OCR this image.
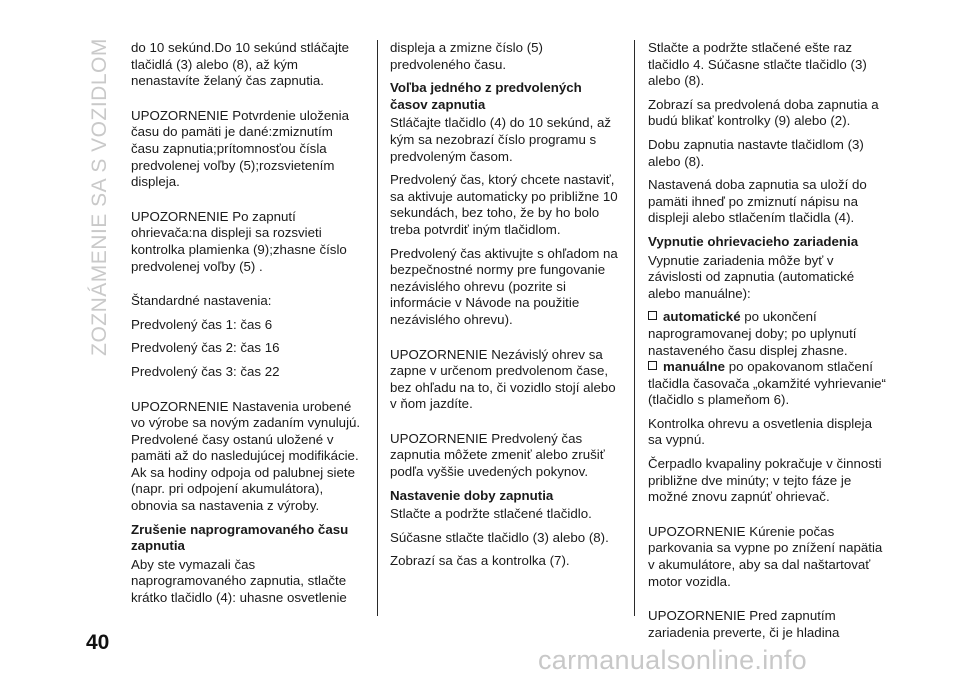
ZOZNÁMENIE SA S VOZIDLOM do 10 sekúnd.Do 10 sekúnd stláčajte tlačidlá (3) alebo (8), až kým nenastavíte želaný čas zapnutia.

UPOZORNENIE Potvrdenie uloženia času do pamäti je dané:zmiznutím času zapnutia;prítomnosťou čísla predvolenej voľby (5);rozsvietením displeja.

UPOZORNENIE Po zapnutí ohrievača:na displeji sa rozsvieti kontrolka plamienka (9);zhasne číslo predvolenej voľby (5) .

Štandardné nastavenia:

Predvolený čas 1: čas 6

Predvolený čas 2: čas 16

Predvolený čas 3: čas 22

UPOZORNENIE Nastavenia urobené vo výrobe sa novým zadaním vynulujú. Predvolené časy ostanú uložené v pamäti až do nasledujúcej modifikácie. Ak sa hodiny odpoja od palubnej siete (napr. pri odpojení akumulátora), obnovia sa nastavenia z výroby.

Zrušenie naprogramovaného času zapnutia

Aby ste vymazali čas naprogramovaného zapnutia, stlačte krátko tlačidlo (4): uhasne osvetlenie

displeja a zmizne číslo (5) predvoleného času.

Voľba jedného z predvolených časov zapnutia

Stláčajte tlačidlo (4) do 10 sekúnd, až kým sa nezobrazí číslo programu s predvoleným časom.

Predvolený čas, ktorý chcete nastaviť, sa aktivuje automaticky po približne 10 sekundách, bez toho, že by ho bolo treba potvrdiť iným tlačidlom.

Predvolený čas aktivujte s ohľadom na bezpečnostné normy pre fungovanie nezávislého ohrevu (pozrite si informácie v Návode na použitie nezávislého ohrevu).

UPOZORNENIE Nezávislý ohrev sa zapne v určenom predvolenom čase, bez ohľadu na to, či vozidlo stojí alebo v ňom jazdíte.

UPOZORNENIE Predvolený čas zapnutia môžete zmeniť alebo zrušiť podľa vyššie uvedených pokynov.

Nastavenie doby zapnutia

Stlačte a podržte stlačené tlačidlo.

Súčasne stlačte tlačidlo (3) alebo (8).

Zobrazí sa čas a kontrolka (7).

Stlačte a podržte stlačené ešte raz tlačidlo 4. Súčasne stlačte tlačidlo (3) alebo (8).

Zobrazí sa predvolená doba zapnutia a budú blikať kontrolky (9) alebo (2).

Dobu zapnutia nastavte tlačidlom (3) alebo (8).

Nastavená doba zapnutia sa uloží do pamäti ihneď po zmiznutí nápisu na displeji alebo stlačením tlačidla (4).

Vypnutie ohrievacieho zariadenia

Vypnutie zariadenia môže byť v závislosti od zapnutia (automatické alebo manuálne):

automatické po ukončení naprogramovanej doby; po uplynutí nastaveného času displej zhasne.

manuálne po opakovanom stlačení tlačidla časovača „okamžité vyhrievanie“ (tlačidlo s plameňom 6).

Kontrolka ohrevu a osvetlenia displeja sa vypnú.

Čerpadlo kvapaliny pokračuje v činnosti približne dve minúty; v tejto fáze je možné znovu zapnúť ohrievač.

UPOZORNENIE Kúrenie počas parkovania sa vypne po znížení napätia v akumulátore, aby sa dal naštartovať motor vozidla.

UPOZORNENIE Pred zapnutím zariadenia preverte, či je hladina

40
carmanualsonline.info
